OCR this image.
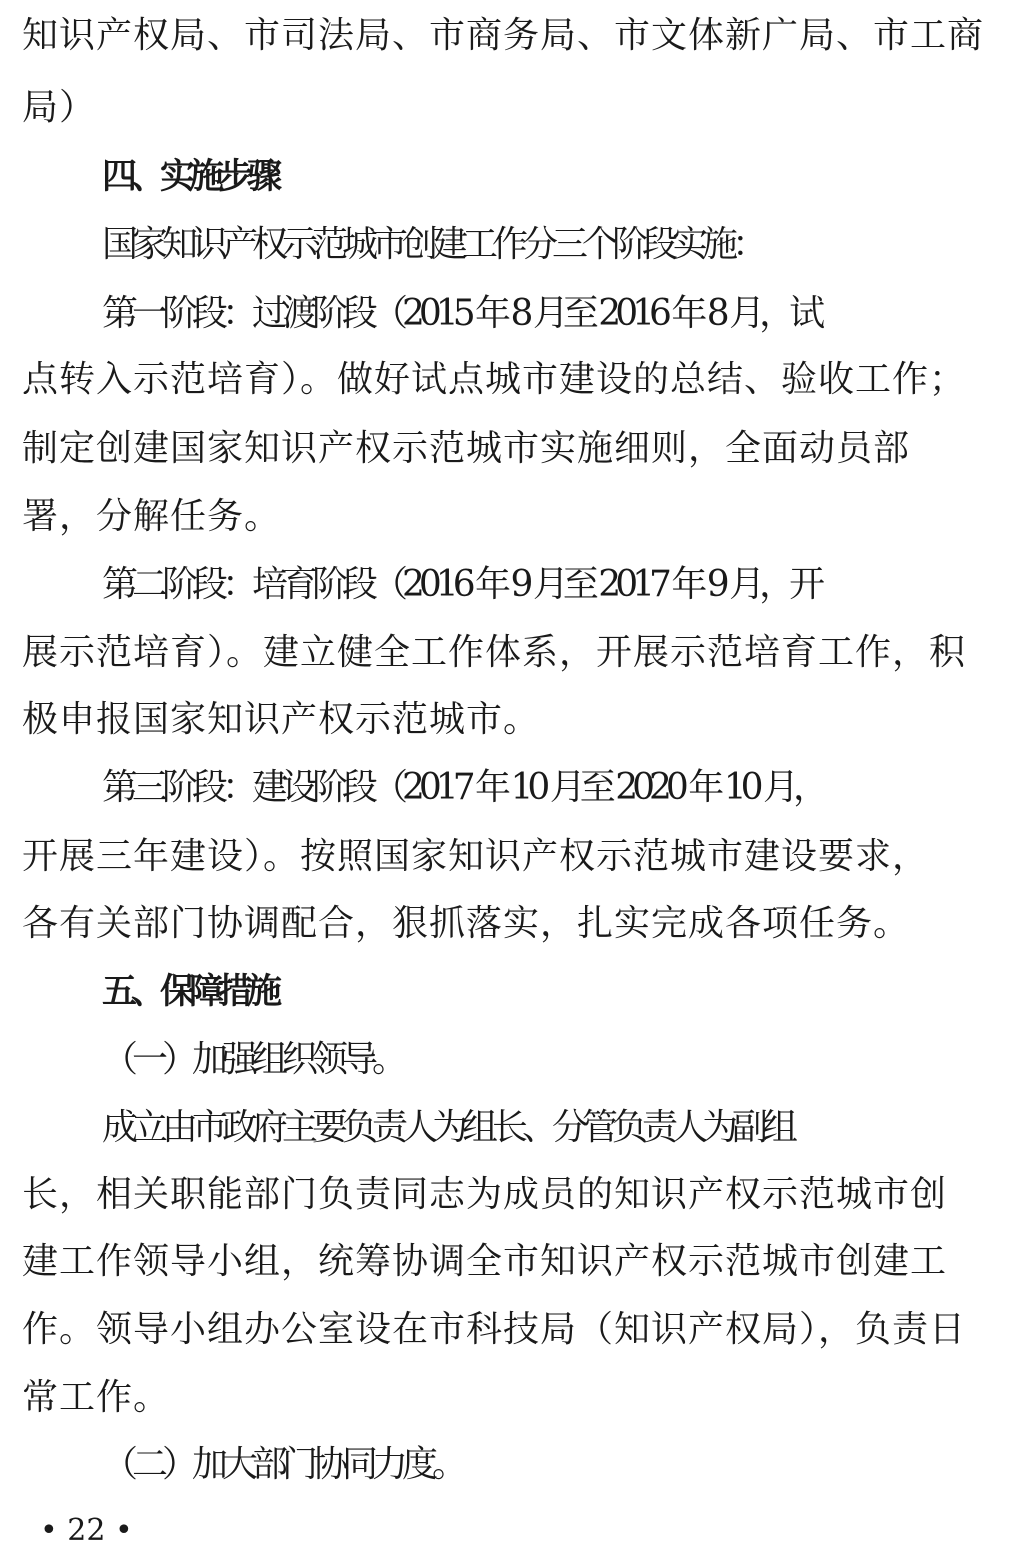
知识产权局、市司法局、市商务局、市文体新广局、市工商
局）
四、实施步骤
国家知识产权示范城市创建工作分三个阶段实施：
第一阶段：过渡阶段（2015 年 8 月至 2016 年 8 月，试
点转入示范培育）。做好试点城市建设的总结、验收工作；
制定创建国家知识产权示范城市实施细则，全面动员部
署，分解任务。
第二阶段：培育阶段（2016 年 9 月至 2017 年 9 月，开
展示范培育）。建立健全工作体系，开展示范培育工作，积
极申报国家知识产权示范城市。
第三阶段：建设阶段（2017 年 10 月至 2020 年 10 月，
开展三年建设）。按照国家知识产权示范城市建设要求，
各有关部门协调配合，狠抓落实，扎实完成各项任务。
五、保障措施
（一）加强组织领导。
成立由市政府主要负责人为组长、分管负责人为副组
长，相关职能部门负责同志为成员的知识产权示范城市创
建工作领导小组，统筹协调全市知识产权示范城市创建工
作。领导小组办公室设在市科技局（知识产权局），负责日
常工作。
（二）加大部门协同力度。
• 22 •
